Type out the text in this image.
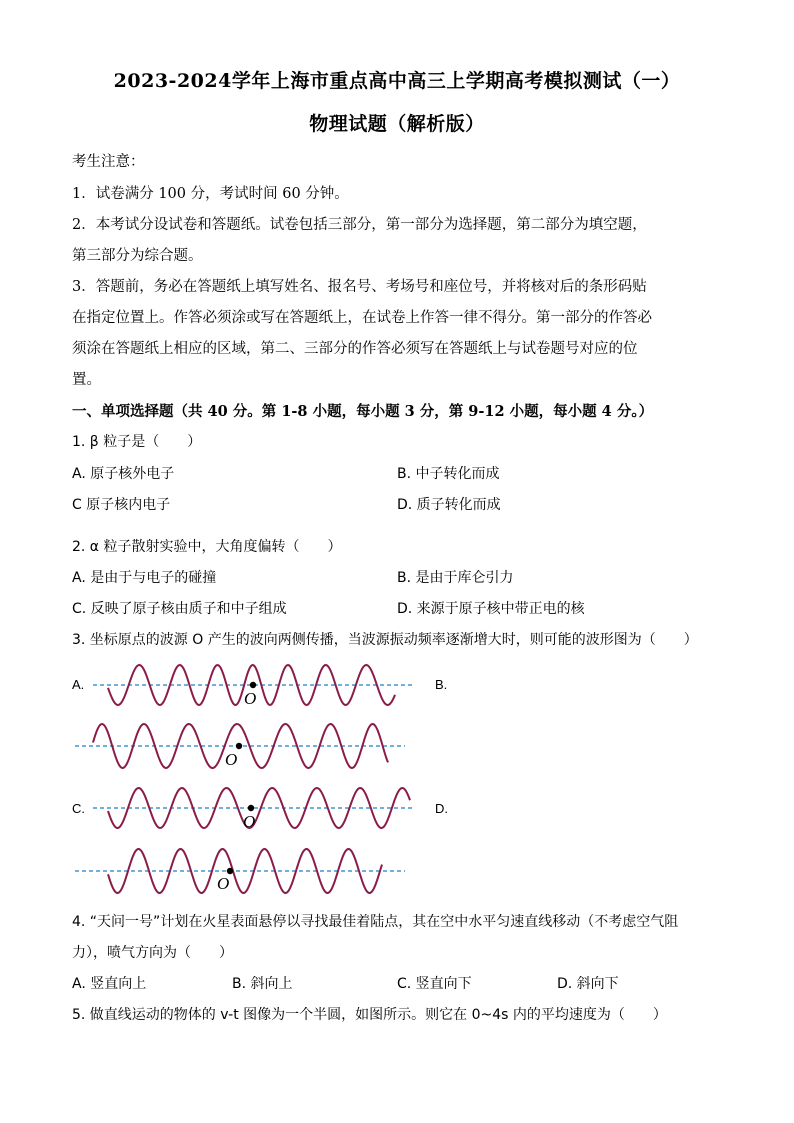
2023-2024学年上海市重点高中高三上学期高考模拟测试（一）
物理试题（解析版）
考生注意：
1．试卷满分 100 分，考试时间 60 分钟。
2．本考试分设试卷和答题纸。试卷包括三部分，第一部分为选择题，第二部分为填空题，
第三部分为综合题。
3．答题前，务必在答题纸上填写姓名、报名号、考场号和座位号，并将核对后的条形码贴
在指定位置上。作答必须涂或写在答题纸上，在试卷上作答一律不得分。第一部分的作答必
须涂在答题纸上相应的区域，第二、三部分的作答必须写在答题纸上与试卷题号对应的位
置。
一、单项选择题（共 40 分。第 1-8 小题，每小题 3 分，第 9-12 小题，每小题 4 分。）
1. β 粒子是（　　）
A. 原子核外电子	B. 中子转化而成
C 原子核内电子	D. 质子转化而成
2. α 粒子散射实验中，大角度偏转（　　）
A. 是由于与电子的碰撞	B. 是由于库仑引力
C. 反映了原子核由质子和中子组成	D. 来源于原子核中带正电的核
3. 坐标原点的波源 O 产生的波向两侧传播，当波源振动频率逐渐增大时，则可能的波形图为（　　）
A.	B.
C.	D.
O
O
O
O
4. “天问一号”计划在火星表面悬停以寻找最佳着陆点，其在空中水平匀速直线移动（不考虑空气阻
力），喷气方向为（　　）
A. 竖直向上	B. 斜向上	C. 竖直向下	D. 斜向下
5. 做直线运动的物体的 v-t 图像为一个半圆，如图所示。则它在 0~4s 内的平均速度为（　　）
